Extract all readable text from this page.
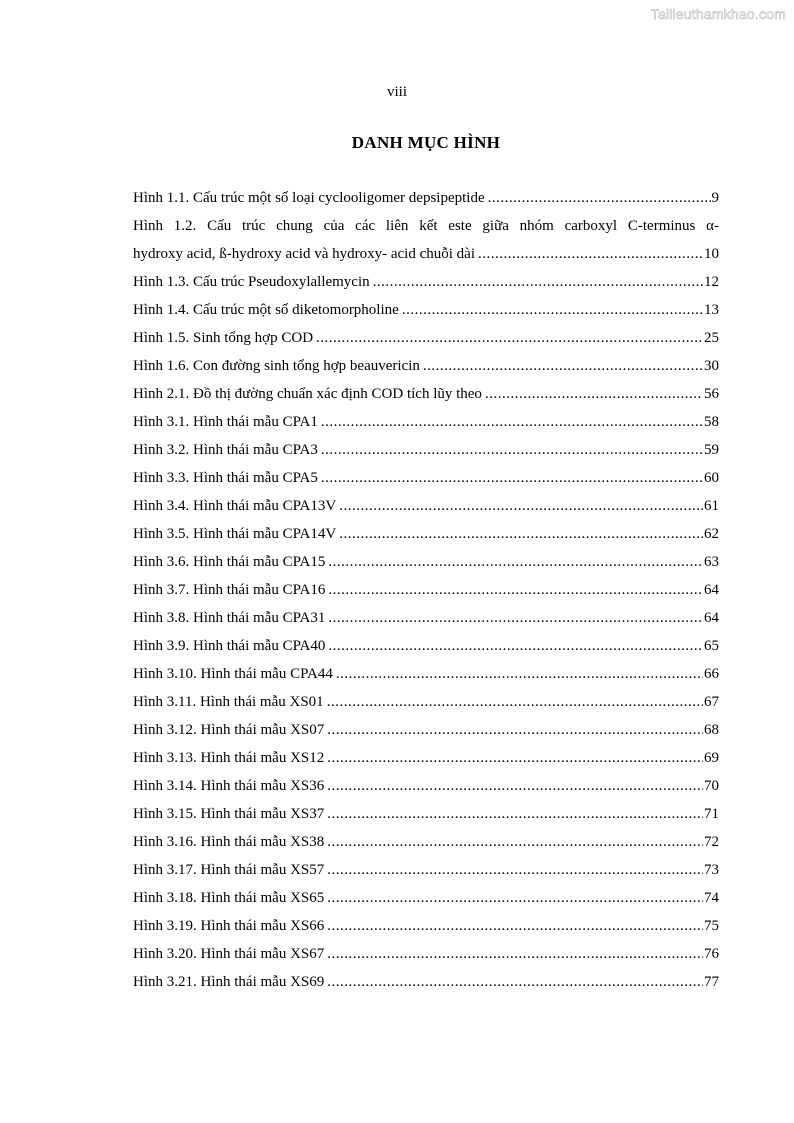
Tailieuthamkhao.com
viii
DANH MỤC HÌNH
Hình 1.1. Cấu trúc một số loại cyclooligomer depsipeptide .....	9
Hình 1.2. Cấu trúc chung của các liên kết este giữa nhóm carboxyl C-terminus α-
hydroxy acid, ß-hydroxy acid và hydroxy- acid chuỗi dài .....	10
Hình 1.3. Cấu trúc Pseudoxylallemycin .....	12
Hình 1.4. Cấu trúc một số diketomorpholine .....	13
Hình 1.5. Sinh tổng hợp COD .....	25
Hình 1.6. Con đường sinh tổng hợp beauvericin .....	30
Hình 2.1. Đồ thị đường chuẩn xác định COD tích lũy theo .....	56
Hình 3.1. Hình thái mẫu CPA1 .....	58
Hình 3.2. Hình thái mẫu CPA3 .....	59
Hình 3.3. Hình thái mẫu CPA5 .....	60
Hình 3.4. Hình thái mẫu CPA13V .....	61
Hình 3.5. Hình thái mẫu CPA14V .....	62
Hình 3.6. Hình thái mẫu CPA15 .....	63
Hình 3.7. Hình thái mẫu CPA16 .....	64
Hình 3.8. Hình thái mẫu CPA31 .....	64
Hình 3.9. Hình thái mẫu CPA40 .....	65
Hình 3.10. Hình thái mẫu CPA44 .....	66
Hình 3.11. Hình thái mẫu XS01 .....	67
Hình 3.12. Hình thái mẫu XS07 .....	68
Hình 3.13. Hình thái mẫu XS12 .....	69
Hình 3.14. Hình thái mẫu XS36 .....	70
Hình 3.15. Hình thái mẫu XS37 .....	71
Hình 3.16. Hình thái mẫu XS38 .....	72
Hình 3.17. Hình thái mẫu XS57 .....	73
Hình 3.18. Hình thái mẫu XS65 .....	74
Hình 3.19. Hình thái mẫu XS66 .....	75
Hình 3.20. Hình thái mẫu XS67 .....	76
Hình 3.21. Hình thái mẫu XS69 .....	77
